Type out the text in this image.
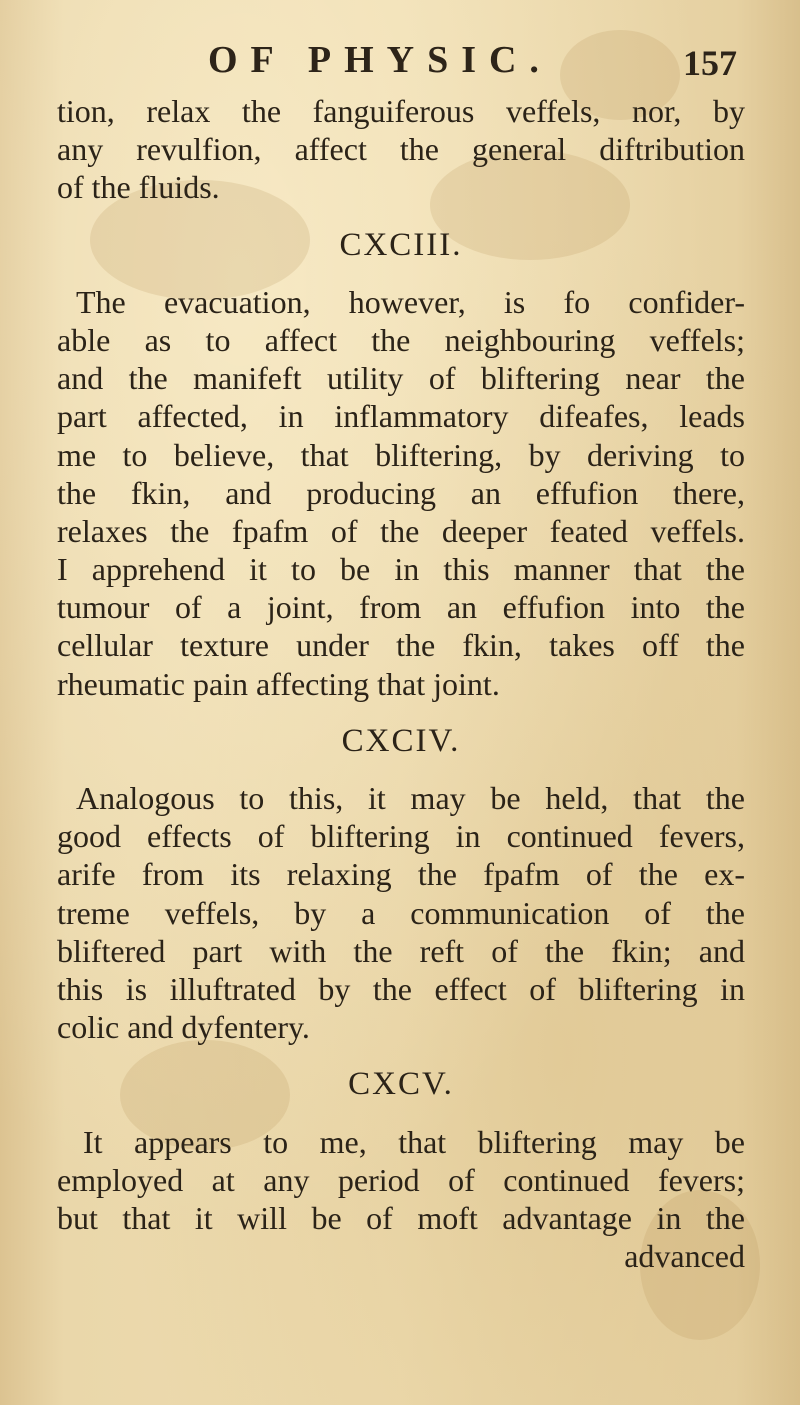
OF PHYSIC.	157
tion, relax the fanguiferous veffels, nor, by
any revulfion, affect the general diftribution
of the fluids.
CXCIII.
The evacuation, however, is fo confider-
able as to affect the neighbouring veffels;
and the manifeft utility of bliftering near the
part affected, in inflammatory difeafes, leads
me to believe, that bliftering, by deriving to
the fkin, and producing an effufion there,
relaxes the fpafm of the deeper feated veffels.
I apprehend it to be in this manner that the
tumour of a joint, from an effufion into the
cellular texture under the fkin, takes off the
rheumatic pain affecting that joint.
CXCIV.
Analogous to this, it may be held, that the
good effects of bliftering in continued fevers,
arife from its relaxing the fpafm of the ex-
treme veffels, by a communication of the
bliftered part with the reft of the fkin; and
this is illuftrated by the effect of bliftering in
colic and dyfentery.
CXCV.
It appears to me, that bliftering may be
employed at any period of continued fevers;
but that it will be of moft advantage in the
advanced
